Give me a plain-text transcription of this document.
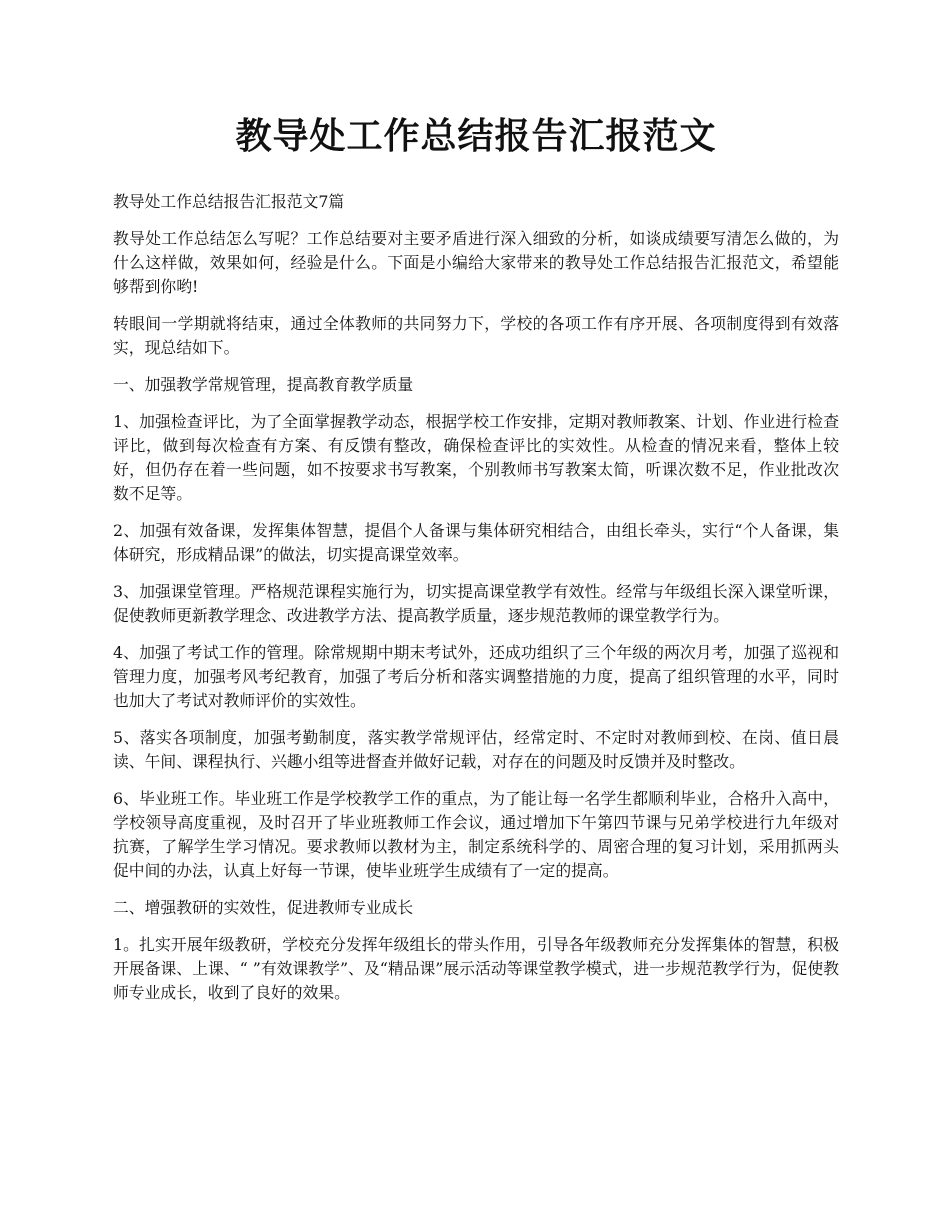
教导处工作总结报告汇报范文

教导处工作总结报告汇报范文7篇

教导处工作总结怎么写呢？工作总结要对主要矛盾进行深入细致的分析，如谈成绩要写清怎么做的，为什么这样做，效果如何，经验是什么。下面是小编给大家带来的教导处工作总结报告汇报范文，希望能够帮到你哟!

转眼间一学期就将结束，通过全体教师的共同努力下，学校的各项工作有序开展、各项制度得到有效落实，现总结如下。

一、加强教学常规管理，提高教育教学质量

1、加强检查评比，为了全面掌握教学动态，根据学校工作安排，定期对教师教案、计划、作业进行检查评比，做到每次检查有方案、有反馈有整改，确保检查评比的实效性。从检查的情况来看，整体上较好，但仍存在着一些问题，如不按要求书写教案，个别教师书写教案太简，听课次数不足，作业批改次数不足等。

2、加强有效备课，发挥集体智慧，提倡个人备课与集体研究相结合，由组长牵头，实行“个人备课，集体研究，形成精品课”的做法，切实提高课堂效率。

3、加强课堂管理。严格规范课程实施行为，切实提高课堂教学有效性。经常与年级组长深入课堂听课，促使教师更新教学理念、改进教学方法、提高教学质量，逐步规范教师的课堂教学行为。

4、加强了考试工作的管理。除常规期中期末考试外，还成功组织了三个年级的两次月考，加强了巡视和管理力度，加强考风考纪教育，加强了考后分析和落实调整措施的力度，提高了组织管理的水平，同时也加大了考试对教师评价的实效性。

5、落实各项制度，加强考勤制度，落实教学常规评估，经常定时、不定时对教师到校、在岗、值日晨读、午间、课程执行、兴趣小组等进督查并做好记载，对存在的问题及时反馈并及时整改。

6、毕业班工作。毕业班工作是学校教学工作的重点，为了能让每一名学生都顺利毕业，合格升入高中，学校领导高度重视，及时召开了毕业班教师工作会议，通过增加下午第四节课与兄弟学校进行九年级对抗赛，了解学生学习情况。要求教师以教材为主，制定系统科学的、周密合理的复习计划，采用抓两头促中间的办法，认真上好每一节课，使毕业班学生成绩有了一定的提高。

二、增强教研的实效性，促进教师专业成长

1。扎实开展年级教研，学校充分发挥年级组长的带头作用，引导各年级教师充分发挥集体的智慧，积极开展备课、上课、“ ”有效课教学”、及“精品课”展示活动等课堂教学模式，进一步规范教学行为，促使教师专业成长，收到了良好的效果。
